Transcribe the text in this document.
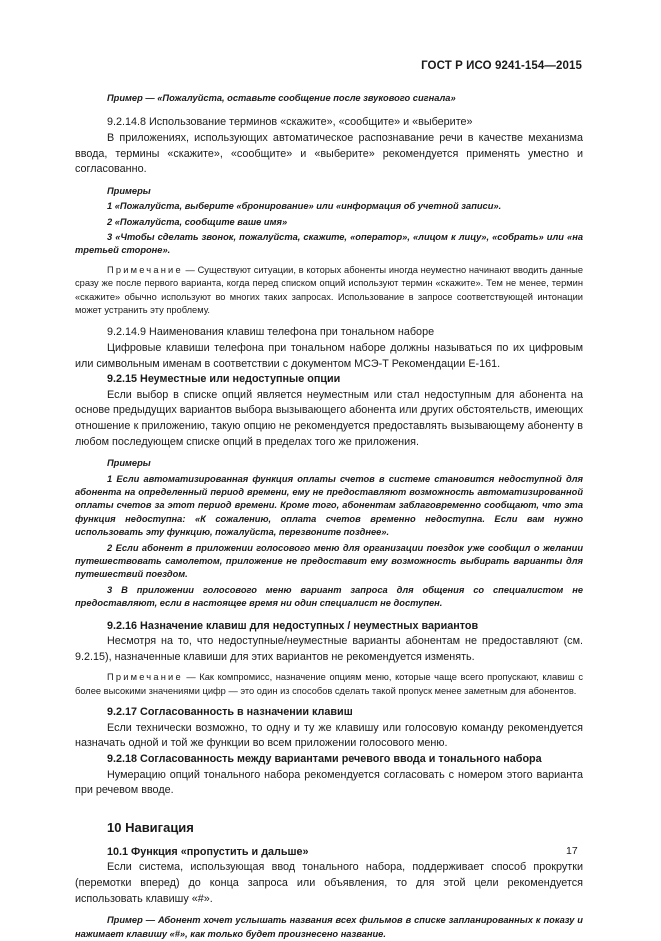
ГОСТ Р ИСО 9241-154—2015

Пример — «Пожалуйста, оставьте сообщение после звукового сигнала»

9.2.14.8 Использование терминов «скажите», «сообщите» и «выберите»

В приложениях, использующих автоматическое распознавание речи в качестве механизма ввода, термины «скажите», «сообщите» и «выберите» рекомендуется применять уместно и согласованно.

Примеры

1 «Пожалуйста, выберите «бронирование» или «информация об учетной записи».

2 «Пожалуйста, сообщите ваше имя»

3 «Чтобы сделать звонок, пожалуйста, скажите, «оператор», «лицом к лицу», «собрать» или «на третьей стороне».

Примечание — Существуют ситуации, в которых абоненты иногда неуместно начинают вводить данные сразу же после первого варианта, когда перед списком опций используют термин «скажите». Тем не менее, термин «скажите» обычно используют во многих таких запросах. Использование в запросе соответствующей интонации может устранить эту проблему.

9.2.14.9 Наименования клавиш телефона при тональном наборе

Цифровые клавиши телефона при тональном наборе должны называться по их цифровым или символьным именам в соответствии с документом МСЭ-Т Рекомендации Е-161.

9.2.15 Неуместные или недоступные опции

Если выбор в списке опций является неуместным или стал недоступным для абонента на основе предыдущих вариантов выбора вызывающего абонента или других обстоятельств, имеющих отношение к приложению, такую опцию не рекомендуется предоставлять вызывающему абоненту в любом последующем списке опций в пределах того же приложения.

Примеры

1 Если автоматизированная функция оплаты счетов в системе становится недоступной для абонента на определенный период времени, ему не предоставляют возможность автоматизированной оплаты счетов за этот период времени. Кроме того, абонентам заблаговременно сообщают, что эта функция недоступна: «К сожалению, оплата счетов временно недоступна. Если вам нужно использовать эту функцию, пожалуйста, перезвоните позднее».

2 Если абонент в приложении голосового меню для организации поездок уже сообщил о желании путешествовать самолетом, приложение не предоставит ему возможность выбирать варианты для путешествий поездом.

3 В приложении голосового меню вариант запроса для общения со специалистом не предоставляют, если в настоящее время ни один специалист не доступен.

9.2.16 Назначение клавиш для недоступных / неуместных вариантов

Несмотря на то, что недоступные/неуместные варианты абонентам не предоставляют (см. 9.2.15), назначенные клавиши для этих вариантов не рекомендуется изменять.

Примечание — Как компромисс, назначение опциям меню, которые чаще всего пропускают, клавиш с более высокими значениями цифр — это один из способов сделать такой пропуск менее заметным для абонентов.

9.2.17 Согласованность в назначении клавиш

Если технически возможно, то одну и ту же клавишу или голосовую команду рекомендуется назначать одной и той же функции во всем приложении голосового меню.

9.2.18 Согласованность между вариантами речевого ввода и тонального набора

Нумерацию опций тонального набора рекомендуется согласовать с номером этого варианта при речевом вводе.

10 Навигация

10.1 Функция «пропустить и дальше»

Если система, использующая ввод тонального набора, поддерживает способ прокрутки (перемотки вперед) до конца запроса или объявления, то для этой цели рекомендуется использовать клавишу «#».

Пример — Абонент хочет услышать названия всех фильмов в списке запланированных к показу и нажимает клавишу «#», как только будет произнесено название.

17
